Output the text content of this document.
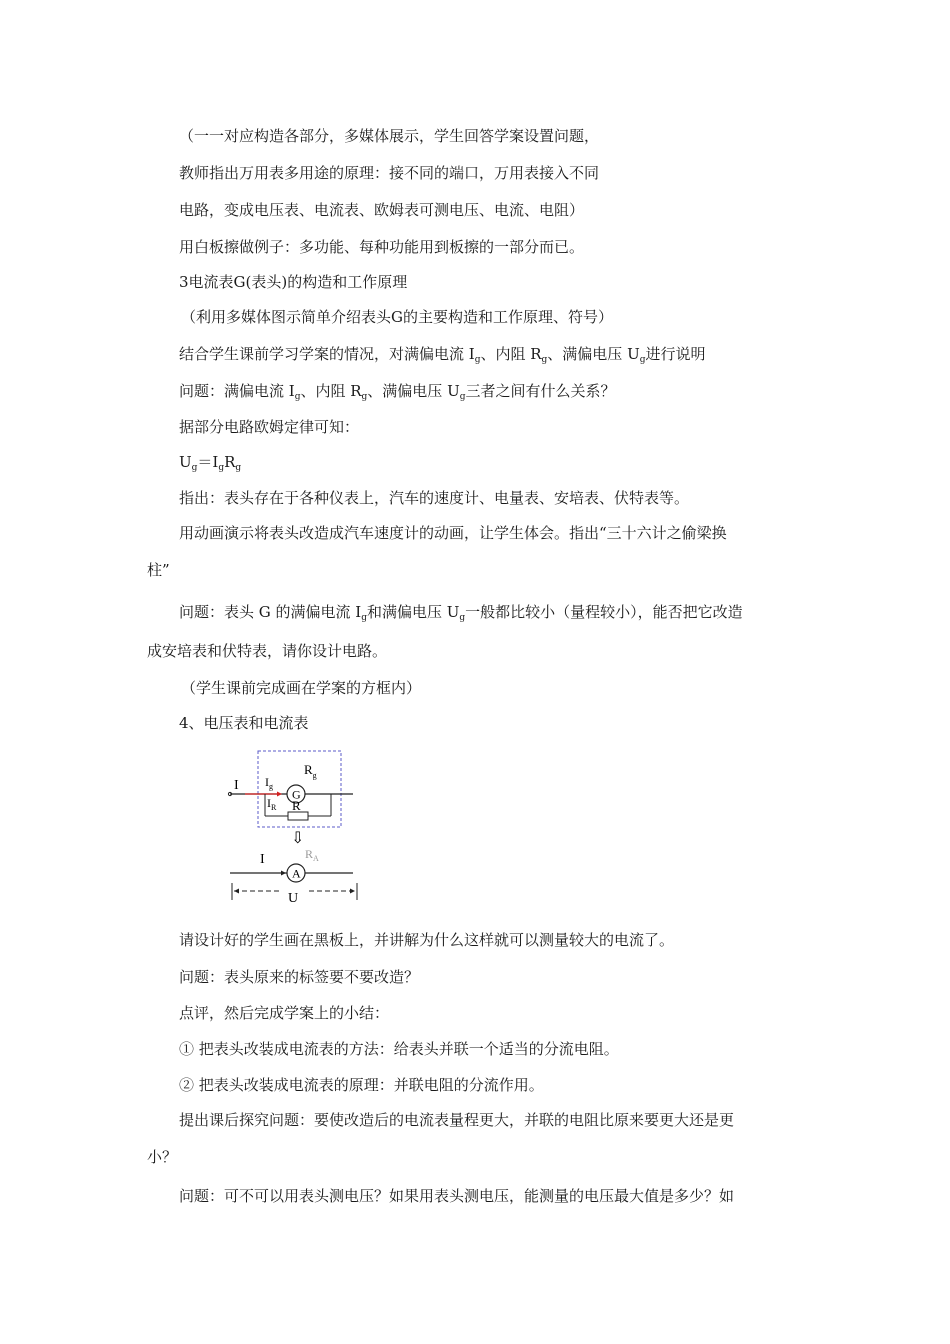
（一一对应构造各部分，多媒体展示，学生回答学案设置问题，
教师指出万用表多用途的原理：接不同的端口，万用表接入不同
电路，变成电压表、电流表、欧姆表可测电压、电流、电阻）
用白板擦做例子：多功能、每种功能用到板擦的一部分而已。
3电流表G(表头)的构造和工作原理
（利用多媒体图示简单介绍表头G的主要构造和工作原理、符号）
结合学生课前学习学案的情况，对满偏电流 $I_g$、内阻 $R_g$、满偏电压 $U_g$进行说明
问题：满偏电流 $I_g$、内阻 $R_g$、满偏电压 $U_g$三者之间有什么关系？
据部分电路欧姆定律可知：
$U_g=I_gR_g$
指出：表头存在于各种仪表上，汽车的速度计、电量表、安培表、伏特表等。
用动画演示将表头改造成汽车速度计的动画，让学生体会。指出“三十六计之偷梁换
柱”
问题：表头 G 的满偏电流 $I_g$和满偏电压 $U_g$一般都比较小（量程较小），能否把它改造
成安培表和伏特表，请你设计电路。
（学生课前完成画在学案的方框内）
4、电压表和电流表
G
I $I_g$
$R_g$
$I_R$ R
⇩
A
I	$R_A$
U
请设计好的学生画在黑板上，并讲解为什么这样就可以测量较大的电流了。
问题：表头原来的标签要不要改造？
点评，然后完成学案上的小结：
① 把表头改装成电流表的方法：给表头并联一个适当的分流电阻。
② 把表头改装成电流表的原理：并联电阻的分流作用。
提出课后探究问题：要使改造后的电流表量程更大，并联的电阻比原来要更大还是更
小？
问题：可不可以用表头测电压？如果用表头测电压，能测量的电压最大值是多少？如
